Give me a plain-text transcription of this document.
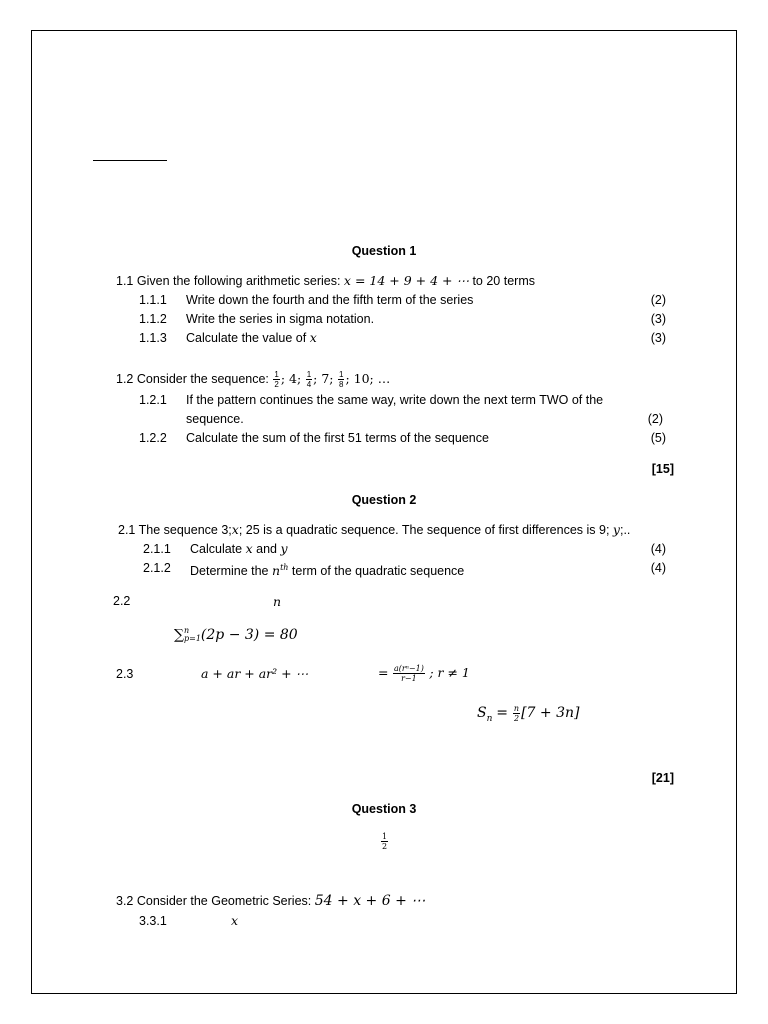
Question 1
1.1 Given the following arithmetic series: x = 14 + 9 + 4 + ⋯ to 20 terms
1.1.1 Write down the fourth and the fifth term of the series	(2)
1.1.2 Write the series in sigma notation.	(3)
1.1.3 Calculate the value of x	(3)
1.2 Consider the sequence: $\frac{1}{2}$ ; 4; $\frac{1}{4}$ ; 7; $\frac{1}{8}$ ; 10; …
1.2.1 If the pattern continues the same way, write down the next term TWO of the
sequence.	(2)
1.2.2 Calculate the sum of the first 51 terms of the sequence	(5)
[15]
Question 2
2.1 The sequence 3;x; 25 is a quadratic sequence. The sequence of first differences is 9; y;..
2.1.1 Calculate x and y	(4)
2.1.2 Determine the $n^{th}$ term of the quadratic sequence	(4)
2.2	n
∑ n
p=1 (2p − 3) = 80
2.3	a + ar + ar² + ⋯	= $\frac{\text{a(rⁿ−1)}}{r-1}$ ; r ≠ 1
$S_n = \frac{n}{2} [7 + 3n]$
[21]
Question 3
$\frac{1}{2}$
3.2 Consider the Geometric Series: 54 + x + 6 + ⋯
3.3.1	x
